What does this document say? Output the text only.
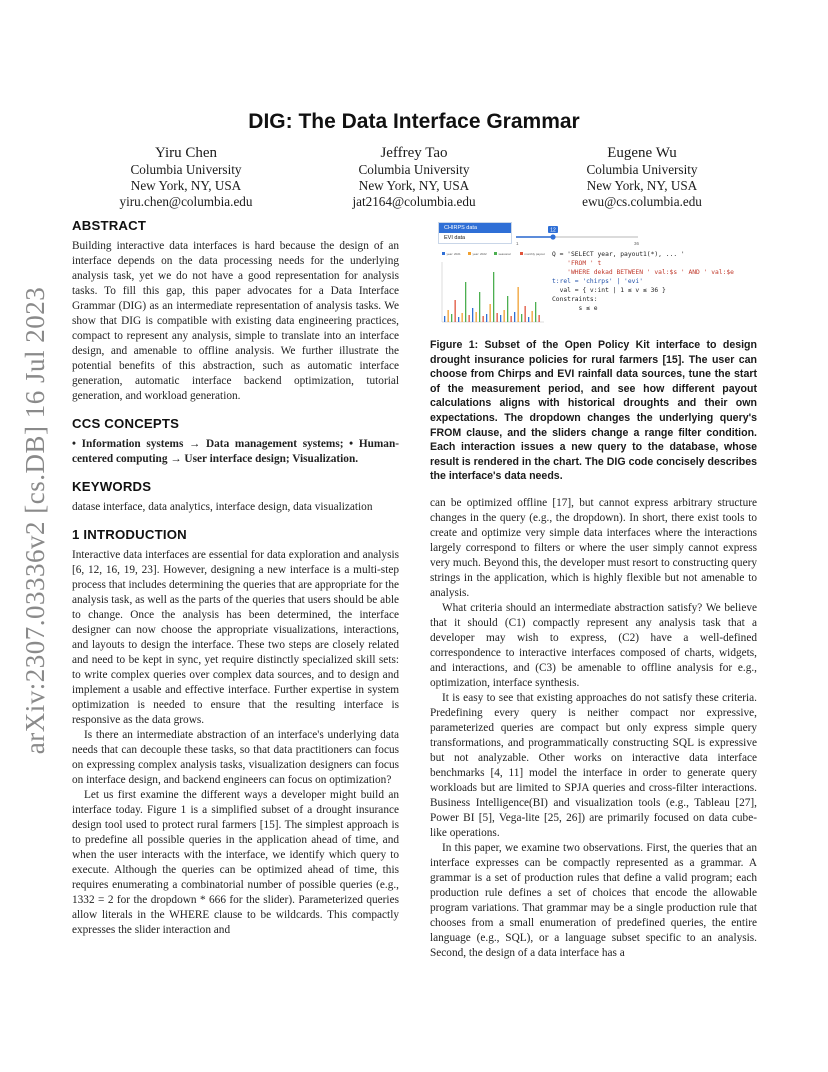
arXiv:2307.03336v2 [cs.DB] 16 Jul 2023
DIG: The Data Interface Grammar
Yiru Chen
Columbia University
New York, NY, USA
yiru.chen@columbia.edu
Jeffrey Tao
Columbia University
New York, NY, USA
jat2164@columbia.edu
Eugene Wu
Columbia University
New York, NY, USA
ewu@cs.columbia.edu
ABSTRACT

Building interactive data interfaces is hard because the design of an interface depends on the data processing needs for the underlying analysis task, yet we do not have a good representation for analysis tasks. To fill this gap, this paper advocates for a Data Interface Grammar (DIG) as an intermediate representation of analysis tasks. We show that DIG is compatible with existing data engineering practices, compact to represent any analysis, simple to translate into an interface design, and amenable to offline analysis. We further illustrate the potential benefits of this abstraction, such as automatic interface generation, automatic interface backend optimization, tutorial generation, and workload generation.

CCS CONCEPTS

• Information systems → Data management systems; • Human-centered computing → User interface design; Visualization.

KEYWORDS

datase interface, data analytics, interface design, data visualization

1 INTRODUCTION

Interactive data interfaces are essential for data exploration and analysis [6, 12, 16, 19, 23]. However, designing a new interface is a multi-step process that includes determining the queries that are appropriate for the analysis task, as well as the parts of the queries that users should be able to change. Once the analysis has been determined, the interface designer can now choose the appropriate visualizations, interactions, and layouts to design the interface. These two steps are closely related and need to be kept in sync, yet require distinctly specialized skill sets: to write complex queries over complex data sources, and to design and implement a usable and effective interface. Further expertise in system optimization is needed to ensure that the resulting interface is responsive as the data grows.

Is there an intermediate abstraction of an interface's underlying data needs that can decouple these tasks, so that data practitioners can focus on expressing complex analysis tasks, visualization designers can focus on interface design, and backend engineers can focus on optimization?

Let us first examine the different ways a developer might build an interface today. Figure 1 is a simplified subset of a drought insurance design tool used to protect rural farmers [15]. The simplest approach is to predefine all possible queries in the application ahead of time, and when the user interacts with the interface, we identify which query to execute. Although the queries can be optimized ahead of time, this requires enumerating a combinatorial number of possible queries (e.g., 1332 = 2 for the dropdown * 666 for the slider). Parameterized queries allow literals in the WHERE clause to be wildcards. This compactly expresses the slider interaction and

CHIRPS data
EVI data
12
1	36
year: 2021	year: 2022	seasonal	monthly payout Q = 'SELECT year, payout1(*), ... '
'FROM ' t
'WHERE dekad BETWEEN ' val:$s ' AND ' val:$e
t:rel = 'chirps' | 'evi'
val = { v:int | 1 ≤ v ≤ 36 }
Constraints:
s ≤ e

Figure 1: Subset of the Open Policy Kit interface to design drought insurance policies for rural farmers [15]. The user can choose from Chirps and EVI rainfall data sources, tune the start of the measurement period, and see how different payout calculations aligns with historical droughts and their own expectations. The dropdown changes the underlying query's FROM clause, and the sliders change a range filter condition. Each interaction issues a new query to the database, whose result is rendered in the chart. The DIG code concisely describes the interface's data needs.

can be optimized offline [17], but cannot express arbitrary structure changes in the query (e.g., the dropdown). In short, there exist tools to create and optimize very simple data interfaces where the interactions largely correspond to filters or where the user simply cannot express very much. Beyond this, the developer must resort to constructing query strings in the application, which is highly flexible but not amenable to analysis.

What criteria should an intermediate abstraction satisfy? We believe that it should (C1) compactly represent any analysis task that a developer may wish to express, (C2) have a well-defined correspondence to interactive interfaces composed of charts, widgets, and interactions, and (C3) be amenable to offline analysis for e.g., optimization, interface synthesis.

It is easy to see that existing approaches do not satisfy these criteria. Predefining every query is neither compact nor expressive, parameterized queries are compact but only express simple query transformations, and programmatically constructing SQL is expressive but not analyzable. Other works on interactive data interface benchmarks [4, 11] model the interface in order to generate query workloads but are limited to SPJA queries and cross-filter interactions. Business Intelligence(BI) and visualization tools (e.g., Tableau [27], Power BI [5], Vega-lite [25, 26]) are primarily focused on data cube-like operations.

In this paper, we examine two observations. First, the queries that an interface expresses can be compactly represented as a grammar. A grammar is a set of production rules that define a valid program; each production rule defines a set of choices that encode the allowable program variations. That grammar may be a single production rule that chooses from a small enumeration of predefined queries, the entire language (e.g., SQL), or a language subset specific to an analysis. Second, the design of a data interface has a
